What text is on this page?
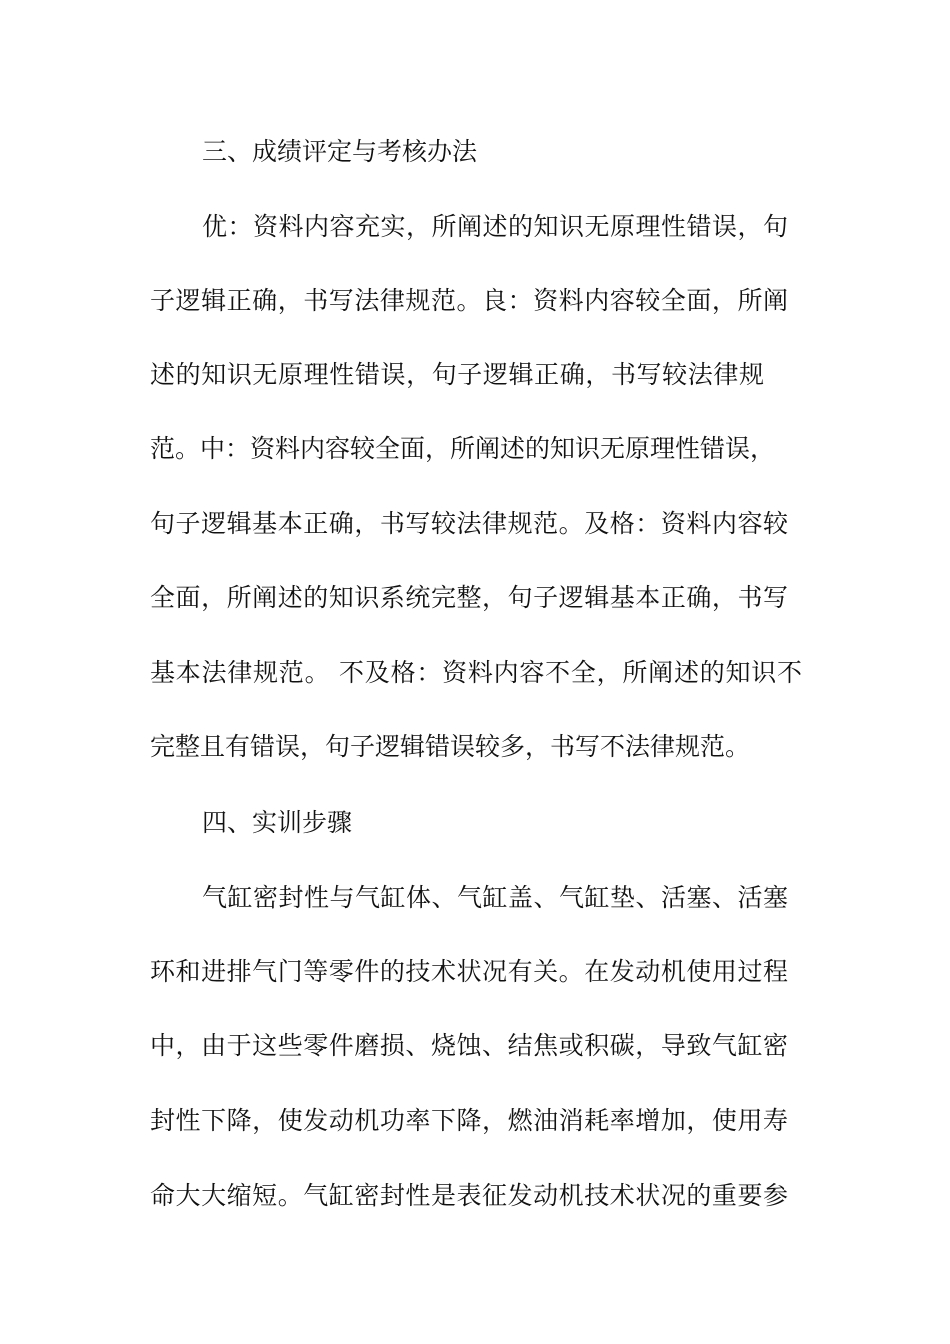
三、成绩评定与考核办法

优：资料内容充实，所阐述的知识无原理性错误，句

子逻辑正确，书写法律规范。良：资料内容较全面，所阐

述的知识无原理性错误，句子逻辑正确，书写较法律规

范。中：资料内容较全面，所阐述的知识无原理性错误，

句子逻辑基本正确，书写较法律规范。及格：资料内容较

全面，所阐述的知识系统完整，句子逻辑基本正确，书写

基本法律规范。 不及格：资料内容不全，所阐述的知识不

完整且有错误，句子逻辑错误较多，书写不法律规范。

四、实训步骤

气缸密封性与气缸体、气缸盖、气缸垫、活塞、活塞

环和进排气门等零件的技术状况有关。在发动机使用过程

中，由于这些零件磨损、烧蚀、结焦或积碳，导致气缸密

封性下降，使发动机功率下降，燃油消耗率增加，使用寿

命大大缩短。气缸密封性是表征发动机技术状况的重要参
